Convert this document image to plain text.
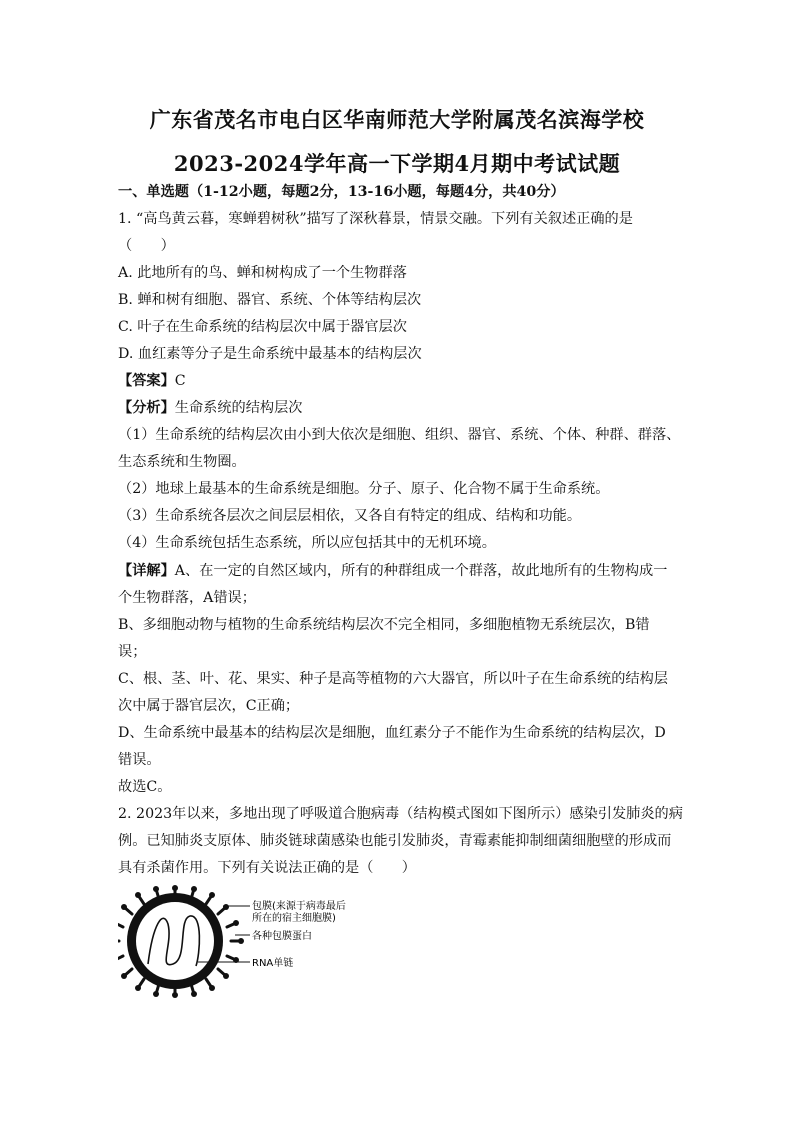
广东省茂名市电白区华南师范大学附属茂名滨海学校
2023-2024学年高一下学期4月期中考试试题
一、单选题（1-12小题，每题2分，13-16小题，每题4分，共40分）
1. “高鸟黄云暮，寒蝉碧树秋”描写了深秋暮景，情景交融。下列有关叙述正确的是
（　　）
A. 此地所有的鸟、蝉和树构成了一个生物群落
B. 蝉和树有细胞、器官、系统、个体等结构层次
C. 叶子在生命系统的结构层次中属于器官层次
D. 血红素等分子是生命系统中最基本的结构层次
【答案】C
【分析】生命系统的结构层次
（1）生命系统的结构层次由小到大依次是细胞、组织、器官、系统、个体、种群、群落、
生态系统和生物圈。
（2）地球上最基本的生命系统是细胞。分子、原子、化合物不属于生命系统。
（3）生命系统各层次之间层层相依，又各自有特定的组成、结构和功能。
（4）生命系统包括生态系统，所以应包括其中的无机环境。
【详解】A、在一定的自然区域内，所有的种群组成一个群落，故此地所有的生物构成一
个生物群落，A错误；
B、多细胞动物与植物的生命系统结构层次不完全相同，多细胞植物无系统层次，B错
误；
C、根、茎、叶、花、果实、种子是高等植物的六大器官，所以叶子在生命系统的结构层
次中属于器官层次，C正确；
D、生命系统中最基本的结构层次是细胞，血红素分子不能作为生命系统的结构层次，D
错误。
故选C。
2. 2023年以来，多地出现了呼吸道合胞病毒（结构模式图如下图所示）感染引发肺炎的病
例。已知肺炎支原体、肺炎链球菌感染也能引发肺炎，青霉素能抑制细菌细胞壁的形成而
具有杀菌作用。下列有关说法正确的是（　　）
包膜(来源于病毒最后
所在的宿主细胞膜)
各种包膜蛋白
RNA单链
